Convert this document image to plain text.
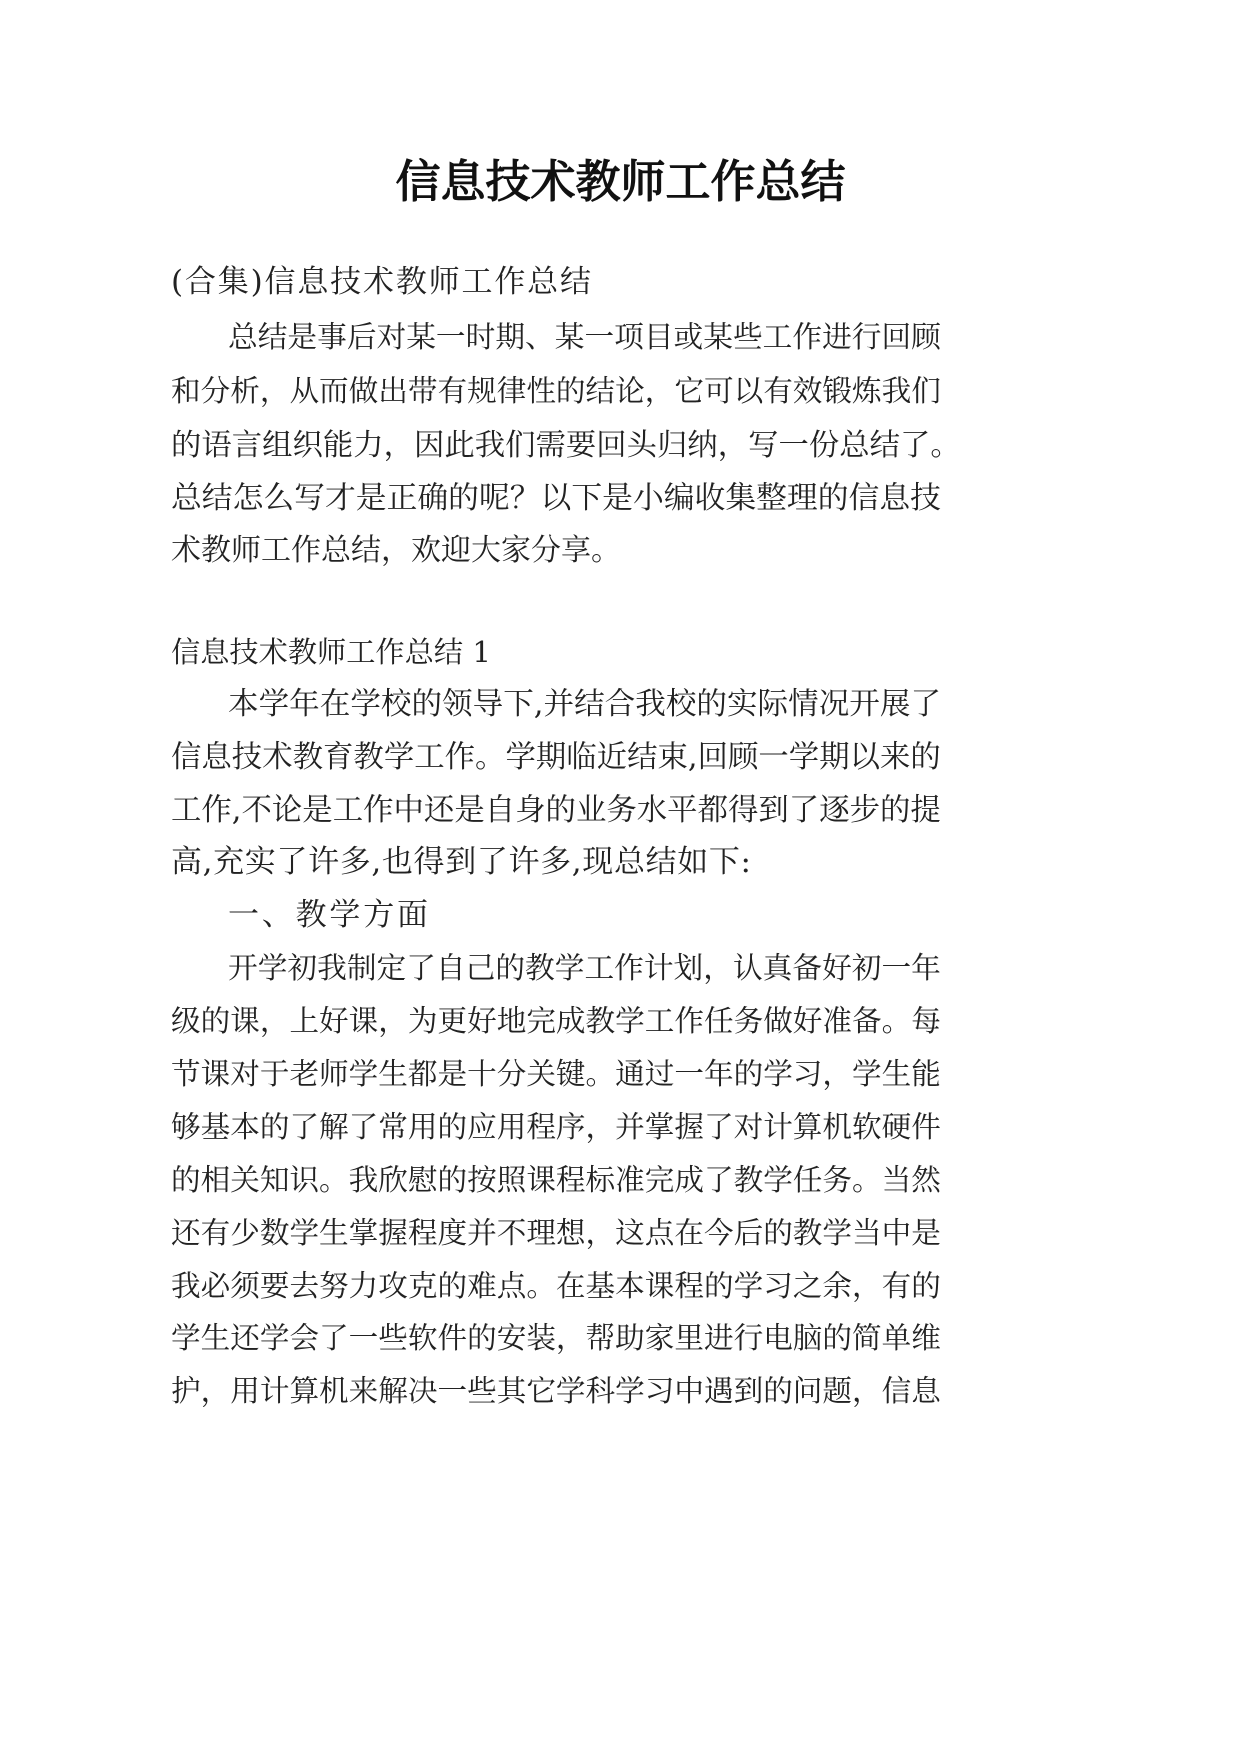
信息技术教师工作总结
(合集)信息技术教师工作总结
总结是事后对某一时期、某一项目或某些工作进行回顾
和分析，从而做出带有规律性的结论，它可以有效锻炼我们
的语言组织能力，因此我们需要回头归纳，写一份总结了。
总结怎么写才是正确的呢？以下是小编收集整理的信息技
术教师工作总结，欢迎大家分享。
信息技术教师工作总结 1
本学年在学校的领导下,并结合我校的实际情况开展了
信息技术教育教学工作。学期临近结束,回顾一学期以来的
工作,不论是工作中还是自身的业务水平都得到了逐步的提
高,充实了许多,也得到了许多,现总结如下:
一、教学方面
开学初我制定了自己的教学工作计划，认真备好初一年
级的课，上好课，为更好地完成教学工作任务做好准备。每
节课对于老师学生都是十分关键。通过一年的学习，学生能
够基本的了解了常用的应用程序，并掌握了对计算机软硬件
的相关知识。我欣慰的按照课程标准完成了教学任务。当然
还有少数学生掌握程度并不理想，这点在今后的教学当中是
我必须要去努力攻克的难点。在基本课程的学习之余，有的
学生还学会了一些软件的安装，帮助家里进行电脑的简单维
护，用计算机来解决一些其它学科学习中遇到的问题，信息
